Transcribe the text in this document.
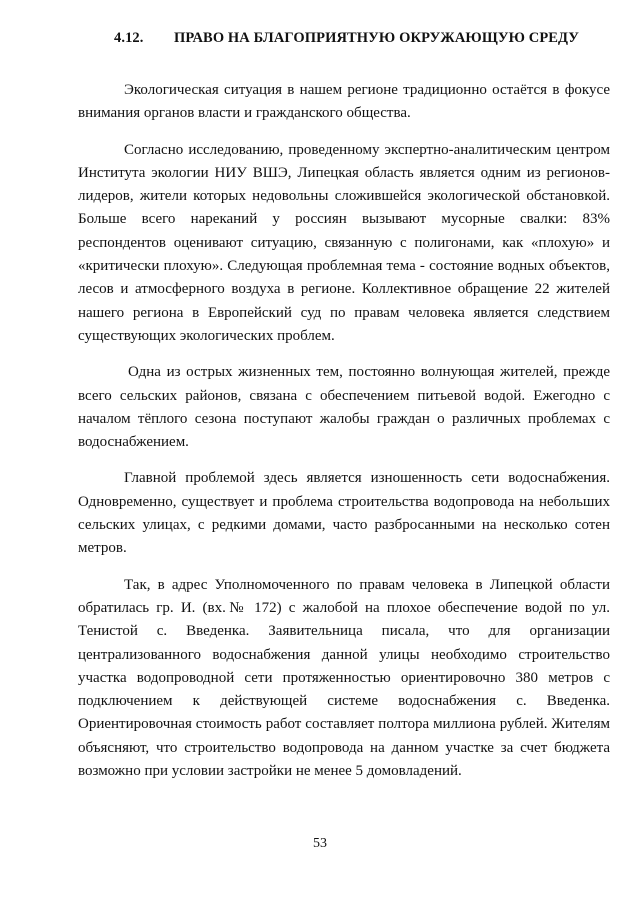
4.12. ПРАВО НА БЛАГОПРИЯТНУЮ ОКРУЖАЮЩУЮ СРЕДУ

Экологическая ситуация в нашем регионе традиционно остаётся в фокусе внимания органов власти и гражданского общества.

Согласно исследованию, проведенному экспертно-аналитическим центром Института экологии НИУ ВШЭ, Липецкая область является одним из регионов-лидеров, жители которых недовольны сложившейся экологической обстановкой. Больше всего нареканий у россиян вызывают мусорные свалки: 83% респондентов оценивают ситуацию, связанную с полигонами, как «плохую» и «критически плохую». Следующая проблемная тема - состояние водных объектов, лесов и атмосферного воздуха в регионе. Коллективное обращение 22 жителей нашего региона в Европейский суд по правам человека является следствием существующих экологических проблем.

Одна из острых жизненных тем, постоянно волнующая жителей, прежде всего сельских районов, связана с обеспечением питьевой водой. Ежегодно с началом тёплого сезона поступают жалобы граждан о различных проблемах с водоснабжением.

Главной проблемой здесь является изношенность сети водоснабжения. Одновременно, существует и проблема строительства водопровода на небольших сельских улицах, с редкими домами, часто разбросанными на несколько сотен метров.

Так, в адрес Уполномоченного по правам человека в Липецкой области обратилась гр. И. (вх.№ 172) с жалобой на плохое обеспечение водой по ул. Тенистой с. Введенка. Заявительница писала, что для организации централизованного водоснабжения данной улицы необходимо строительство участка водопроводной сети протяженностью ориентировочно 380 метров с подключением к действующей системе водоснабжения с. Введенка. Ориентировочная стоимость работ составляет полтора миллиона рублей. Жителям объясняют, что строительство водопровода на данном участке за счет бюджета возможно при условии застройки не менее 5 домовладений.

53
